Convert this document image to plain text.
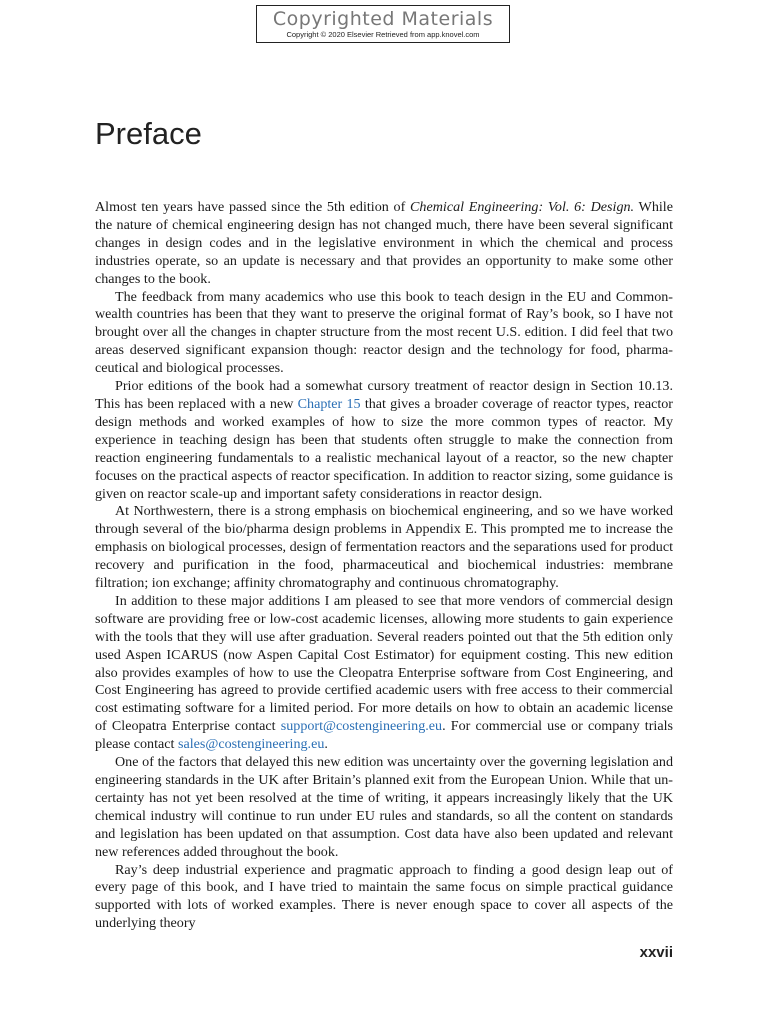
Copyrighted Materials
Copyright © 2020 Elsevier Retrieved from app.knovel.com
Preface

Almost ten years have passed since the 5th edition of Chemical Engineering: Vol. 6: Design. While the nature of chemical engineering design has not changed much, there have been several significant changes in design codes and in the legislative environment in which the chemical and process industries operate, so an update is necessary and that provides an opportunity to make some other changes to the book.

The feedback from many academics who use this book to teach design in the EU and Commonwealth countries has been that they want to preserve the original format of Ray’s book, so I have not brought over all the changes in chapter structure from the most recent U.S. edition. I did feel that two areas deserved significant expansion though: reactor design and the technology for food, pharmaceutical and biological processes.

Prior editions of the book had a somewhat cursory treatment of reactor design in Section 10.13. This has been replaced with a new Chapter 15 that gives a broader coverage of reactor types, reactor design methods and worked examples of how to size the more common types of reactor. My experience in teaching design has been that students often struggle to make the connection from reaction engineering fundamentals to a realistic mechanical layout of a reactor, so the new chapter focuses on the practical aspects of reactor specification. In addition to reactor sizing, some guidance is given on reactor scale-up and important safety considerations in reactor design.

At Northwestern, there is a strong emphasis on biochemical engineering, and so we have worked through several of the bio/pharma design problems in Appendix E. This prompted me to increase the emphasis on biological processes, design of fermentation reactors and the separations used for product recovery and purification in the food, pharmaceutical and biochemical industries: membrane filtration; ion exchange; affinity chromatography and continuous chromatography.

In addition to these major additions I am pleased to see that more vendors of commercial design software are providing free or low-cost academic licenses, allowing more students to gain experience with the tools that they will use after graduation. Several readers pointed out that the 5th edition only used Aspen ICARUS (now Aspen Capital Cost Estimator) for equipment costing. This new edition also provides examples of how to use the Cleopatra Enterprise software from Cost Engineering, and Cost Engineering has agreed to provide certified academic users with free access to their commercial cost estimating software for a limited period. For more details on how to obtain an academic license of Cleopatra Enterprise contact support@costengineering.eu. For commercial use or company trials please contact sales@costengineering.eu.

One of the factors that delayed this new edition was uncertainty over the governing legislation and engineering standards in the UK after Britain’s planned exit from the European Union. While that uncertainty has not yet been resolved at the time of writing, it appears increasingly likely that the UK chemical industry will continue to run under EU rules and standards, so all the content on standards and legislation has been updated on that assumption. Cost data have also been updated and relevant new references added throughout the book.

Ray’s deep industrial experience and pragmatic approach to finding a good design leap out of every page of this book, and I have tried to maintain the same focus on simple practical guidance supported with lots of worked examples. There is never enough space to cover all aspects of the underlying theory

xxvii
